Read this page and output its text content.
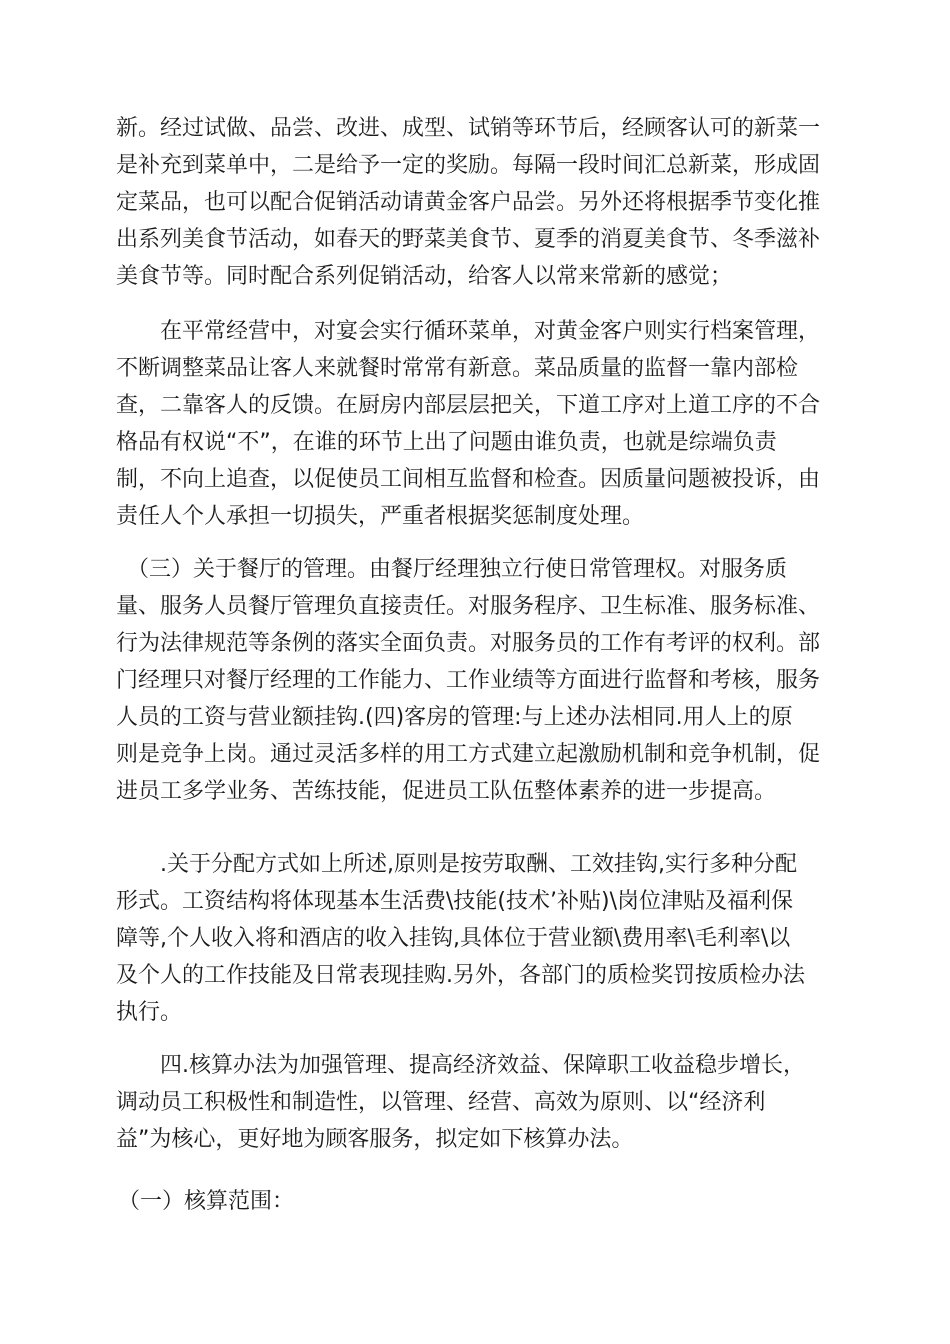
新。经过试做、品尝、改进、成型、试销等环节后，经顾客认可的新菜一
是补充到菜单中，二是给予一定的奖励。每隔一段时间汇总新菜，形成固
定菜品，也可以配合促销活动请黄金客户品尝。另外还将根据季节变化推
出系列美食节活动，如春天的野菜美食节、夏季的消夏美食节、冬季滋补
美食节等。同时配合系列促销活动，给客人以常来常新的感觉；
　　在平常经营中，对宴会实行循环菜单，对黄金客户则实行档案管理，
不断调整菜品让客人来就餐时常常有新意。菜品质量的监督一靠内部检
查，二靠客人的反馈。在厨房内部层层把关，下道工序对上道工序的不合
格品有权说“不”，在谁的环节上出了问题由谁负责，也就是综端负责
制，不向上追查，以促使员工间相互监督和检查。因质量问题被投诉，由
责任人个人承担一切损失，严重者根据奖惩制度处理。
　（三）关于餐厅的管理。由餐厅经理独立行使日常管理权。对服务质
量、服务人员餐厅管理负直接责任。对服务程序、卫生标准、服务标准、
行为法律规范等条例的落实全面负责。对服务员的工作有考评的权利。部
门经理只对餐厅经理的工作能力、工作业绩等方面进行监督和考核，服务
人员的工资与营业额挂钩.(四)客房的管理:与上述办法相同.用人上的原
则是竞争上岗。通过灵活多样的用工方式建立起激励机制和竞争机制，促
进员工多学业务、苦练技能，促进员工队伍整体素养的进一步提高。
　　.关于分配方式如上所述,原则是按劳取酬、工效挂钩,实行多种分配
形式。工资结构将体现基本生活费\技能(技术’补贴)\岗位津贴及福利保
障等,个人收入将和酒店的收入挂钩,具体位于营业额\费用率\毛利率\以
及个人的工作技能及日常表现挂购.另外，各部门的质检奖罚按质检办法
执行。
　　四.核算办法为加强管理、提高经济效益、保障职工收益稳步增长，
调动员工积极性和制造性，以管理、经营、高效为原则、以“经济利
益”为核心，更好地为顾客服务，拟定如下核算办法。
（一）核算范围：
